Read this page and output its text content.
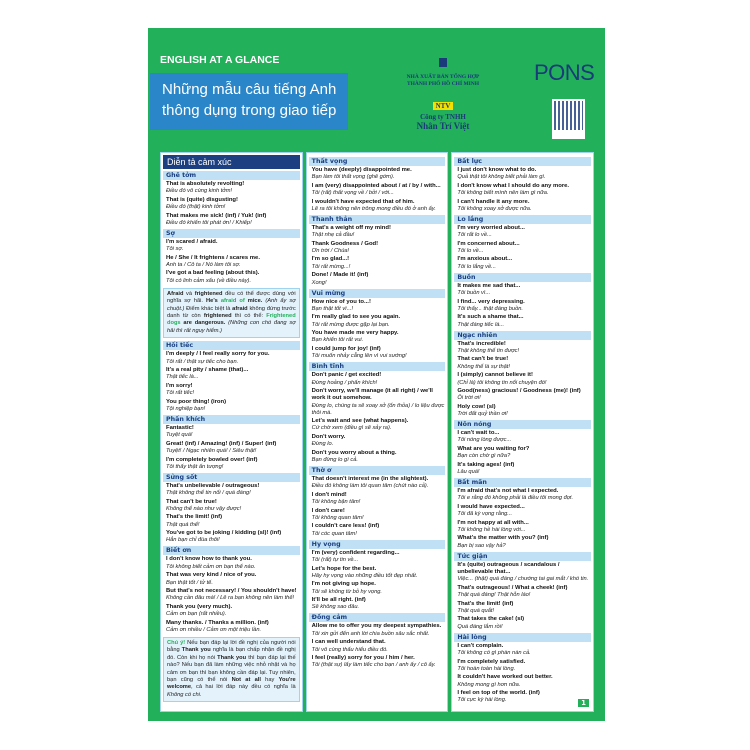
ENGLISH AT A GLANCE
Những mẫu câu tiếng Anh
thông dụng trong giao tiếp
NHÀ XUẤT BẢN TỔNG HỢP
THÀNH PHỐ HỒ CHÍ MINH
NTV
Công ty TNHH
Nhân Trí Việt
PONS
Diễn tả cảm xúc
Ghê tởm
That is absolutely revolting!
Điều đó vô cùng kinh tởm!
That is (quite) disgusting!
Điều đó (thật) kinh tởm!
That makes me sick! (inf) / Yuk! (inf)
Điều đó khiến tôi phát ớn! / Khiếp!
Sợ
I'm scared / afraid.
Tôi sợ.
He / She / It frightens / scares me.
Anh ta / Cô ta / Nó làm tôi sợ.
I've got a bad feeling (about this).
Tôi có linh cảm xấu (về điều này).
Afraid và frightened đều có thể được dùng với nghĩa sợ hãi. He's afraid of mice. (Anh ấy sợ chuột.) Điểm khác biệt là afraid không đứng trước danh từ còn frightened thì có thể: Frightened dogs are dangerous. (Những con chó đang sợ hãi thì rất nguy hiểm.)
Hối tiếc
I'm deeply / I feel really sorry for you.
Tôi rất / thật sự tiếc cho bạn.
It's a real pity / shame (that)...
Thật tiếc là...
I'm sorry!
Tôi rất tiếc!
You poor thing! (iron)
Tội nghiệp bạn!
Phấn khích
Fantastic!
Tuyệt quá!
Great! (inf) / Amazing! (inf) / Super! (inf)
Tuyệt! / Ngạc nhiên quá! / Siêu thật!
I'm completely bowled over! (inf)
Tôi thấy thật ấn tượng!
Sửng sốt
That's unbelievable / outrageous!
Thật không thể tin nổi / quá đáng!
That can't be true!
Không thể nào như vậy được!
That's the limit! (inf)
Thật quá thể!
You've got to be joking / kidding (sl)! (inf)
Hẳn bạn chỉ đùa thôi!
Biết ơn
I don't know how to thank you.
Tôi không biết cảm ơn bạn thế nào.
That was very kind / nice of you.
Bạn thật tốt / tử tế.
But that's not necessary! / You shouldn't have!
Không cần đâu mà! / Lẽ ra bạn không nên làm thế!
Thank you (very much).
Cảm ơn bạn (rất nhiều).
Many thanks. / Thanks a million. (inf)
Cảm ơn nhiều / Cảm ơn một triệu lần.
Chú ý! Nếu bạn đáp lại lời đề nghị của người nói bằng Thank you nghĩa là bạn chấp nhận đề nghị đó. Còn khi họ nói Thank you thì bạn đáp lại thế nào? Nếu bạn đã làm những việc nhỏ nhặt và họ cảm ơn bạn thì bạn không cần đáp lại. Tuy nhiên, bạn cũng có thể nói Not at all hay You're welcome, cả hai lời đáp này đều có nghĩa là Không có chi.
Thất vọng
You have (deeply) disappointed me.
Bạn làm tôi thất vọng (ghê gớm).
I am (very) disappointed about / at / by / with...
Tôi (rất) thất vọng về / bởi / với...
I wouldn't have expected that of him.
Lẽ ra tôi không nên trông mong điều đó ở anh ấy.
Thanh thản
That's a weight off my mind!
Thật nhẹ cả đầu!
Thank Goodness / God!
Ơn trời / Chúa!
I'm so glad...!
Tôi rất mừng...!
Done! / Made it! (inf)
Xong!
Vui mừng
How nice of you to...!
Bạn thật tốt vì...!
I'm really glad to see you again.
Tôi rất mừng được gặp lại bạn.
You have made me very happy.
Bạn khiến tôi rất vui.
I could jump for joy! (inf)
Tôi muốn nhảy cẫng lên vì vui sướng!
Bình tĩnh
Don't panic / get excited!
Đừng hoảng / phấn khích!
Don't worry, we'll manage (it all right) / we'll work it out somehow.
Đừng lo, chúng ta sẽ xoay xở (ổn thỏa) / lo liệu được thôi mà.
Let's wait and see (what happens).
Cứ chờ xem (điều gì sẽ xảy ra).
Don't worry.
Đừng lo.
Don't you worry about a thing.
Bạn đừng lo gì cả.
Thờ ơ
That doesn't interest me (in the slightest).
Điều đó không làm tôi quan tâm (chút nào cả).
I don't mind!
Tôi không bận tâm!
I don't care!
Tôi không quan tâm!
I couldn't care less! (inf)
Tôi cóc quan tâm!
Hy vọng
I'm (very) confident regarding...
Tôi (rất) tự tin về...
Let's hope for the best.
Hãy hy vọng vào những điều tốt đẹp nhất.
I'm not giving up hope.
Tôi sẽ không từ bỏ hy vọng.
It'll be all right. (inf)
Sẽ không sao đâu.
Đồng cảm
Allow me to offer you my deepest sympathies.
Tôi xin gửi đến anh lời chia buồn sâu sắc nhất.
I can well understand that.
Tôi vô cùng thấu hiểu điều đó.
I feel (really) sorry for you / him / her.
Tôi (thật sự) lấy làm tiếc cho bạn / anh ấy / cô ấy.
Bất lực
I just don't know what to do.
Quả thật tôi không biết phải làm gì.
I don't know what I should do any more.
Tôi không biết mình nên làm gì nữa.
I can't handle it any more.
Tôi không xoay xở được nữa.
Lo lắng
I'm very worried about...
Tôi rất lo về...
I'm concerned about...
Tôi lo về...
I'm anxious about...
Tôi lo lắng về...
Buồn
It makes me sad that...
Tôi buồn vì...
I find... very depressing.
Tôi thấy... thật đáng buồn.
It's such a shame that...
Thật đáng tiếc là...
Ngạc nhiên
That's incredible!
Thật không thể tin được!
That can't be true!
Không thể là sự thật!
I (simply) cannot believe it!
(Chỉ là) tôi không tin nổi chuyện đó!
Good(ness) gracious! / Goodness (me)! (inf)
Ôi trời ơi!
Holy cow! (sl)
Trời đất quỷ thần ơi!
Nôn nóng
I can't wait to...
Tôi nóng lòng được...
What are you waiting for?
Bạn còn chờ gì nữa?
It's taking ages! (inf)
Lâu quá!
Bất mãn
I'm afraid that's not what I expected.
Tôi e rằng đó không phải là điều tôi mong đợi.
I would have expected...
Tôi đã kỳ vọng rằng...
I'm not happy at all with...
Tôi không hề hài lòng với...
What's the matter with you? (inf)
Bạn bị sao vậy hả?
Tức giận
It's (quite) outrageous / scandalous / unbelievable that...
Việc... (thật) quá đáng / chướng tai gai mắt / khó tin.
That's outrageous! / What a cheek! (inf)
Thật quá đáng! Thật hỗn láo!
That's the limit! (inf)
Thật quá quắt!
That takes the cake! (sl)
Quá đáng lắm rồi!
Hài lòng
I can't complain.
Tôi không có gì phàn nàn cả.
I'm completely satisfied.
Tôi hoàn toàn hài lòng.
It couldn't have worked out better.
Không mong gì hơn nữa.
I feel on top of the world. (inf)
Tôi cực kỳ hài lòng.	1
